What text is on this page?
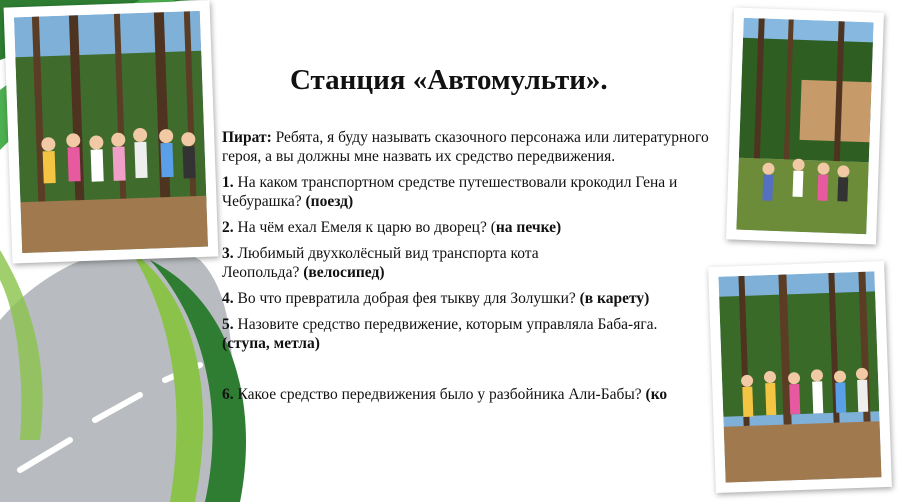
Станция «Автомульти».

Пират: Ребята, я буду называть сказочного персонажа или литературного героя, а вы должны мне назвать их средство передвижения.

1. На каком транспортном средстве путешествовали крокодил Гена и Чебурашка? (поезд)

2. На чём ехал Емеля к царю во дворец? (на печке)

3. Любимый двухколёсный вид транспорта кота Леопольда? (велосипед)

4. Во что превратила добрая фея тыкву для Золушки? (в карету)

5. Назовите средство передвижение, которым управляла Баба-яга. (ступа, метла)

6. Какое средство передвижения было у разбойника Али-Бабы? (ко
